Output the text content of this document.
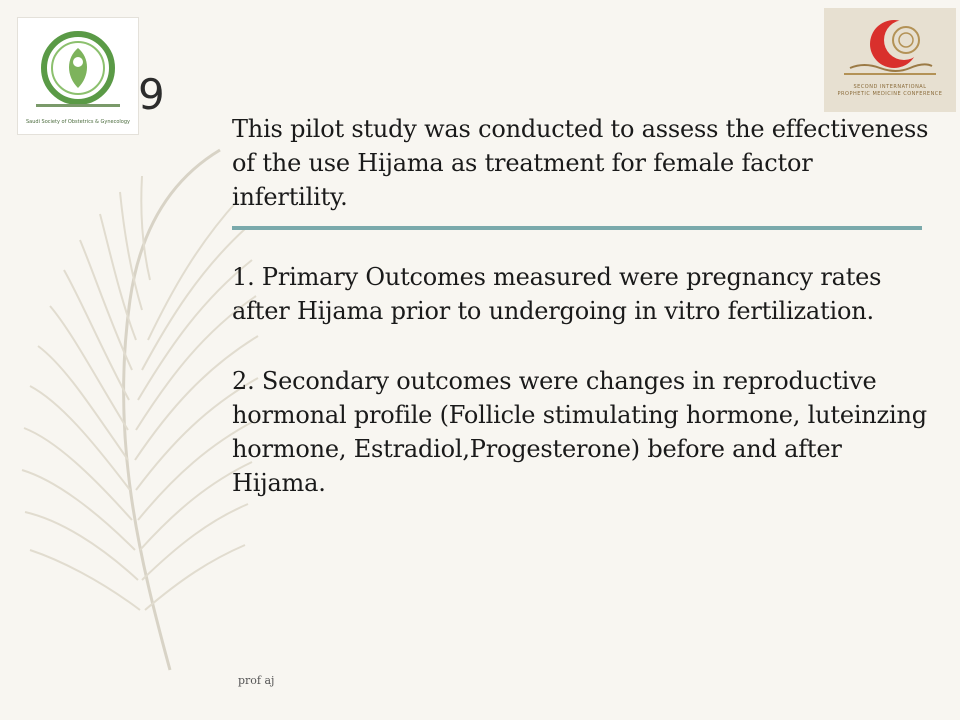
Saudi Society of Obstetrics & Gynecology
SECOND INTERNATIONAL
PROPHETIC MEDICINE CONFERENCE
9

This pilot study was conducted to assess the effectiveness of the use Hijama as treatment for female factor infertility.

1. Primary Outcomes measured were pregnancy rates after Hijama prior to undergoing in vitro fertilization.

2. Secondary outcomes were changes in reproductive hormonal profile (Follicle stimulating hormone, luteinzing hormone, Estradiol,Progesterone) before and after Hijama.

prof aj
